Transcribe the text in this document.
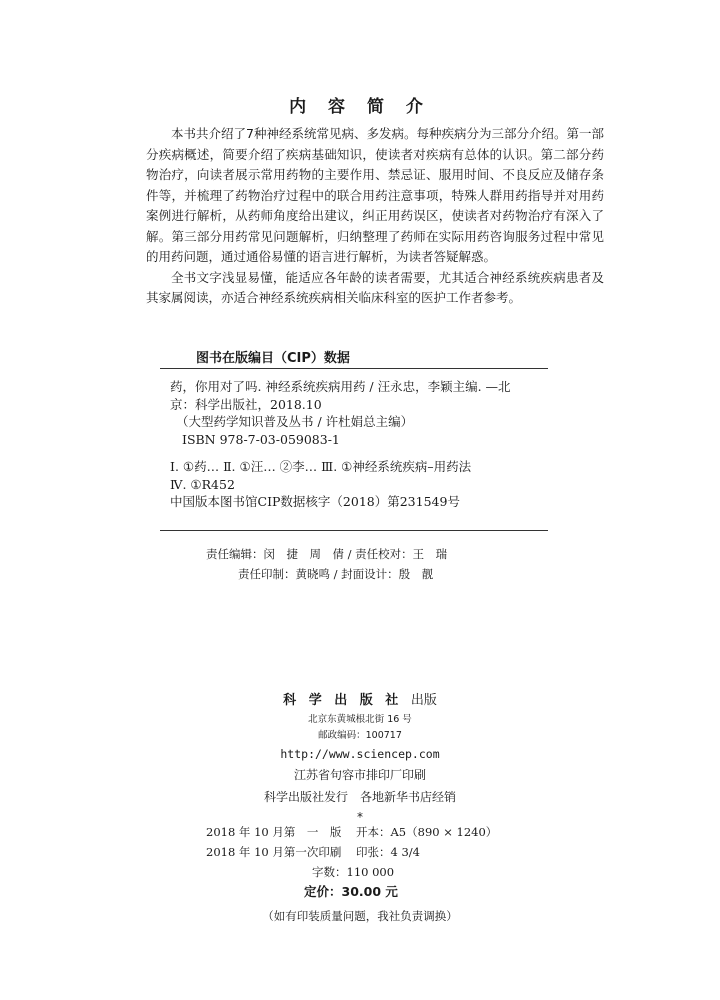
内 容 简 介

本书共介绍了7种神经系统常见病、多发病。每种疾病分为三部分介绍。第一部分疾病概述，简要介绍了疾病基础知识，使读者对疾病有总体的认识。第二部分药物治疗，向读者展示常用药物的主要作用、禁忌证、服用时间、不良反应及储存条件等，并梳理了药物治疗过程中的联合用药注意事项，特殊人群用药指导并对用药案例进行解析，从药师角度给出建议，纠正用药误区，使读者对药物治疗有深入了解。第三部分用药常见问题解析，归纳整理了药师在实际用药咨询服务过程中常见的用药问题，通过通俗易懂的语言进行解析，为读者答疑解惑。

全书文字浅显易懂，能适应各年龄的读者需要，尤其适合神经系统疾病患者及其家属阅读，亦适合神经系统疾病相关临床科室的医护工作者参考。

图书在版编目（CIP）数据
药，你用对了吗. 神经系统疾病用药 / 汪永忠，李颖主编. —北
京：科学出版社，2018.10
（大型药学知识普及丛书 / 许杜娟总主编）
ISBN 978-7-03-059083-1
Ⅰ. ①药… Ⅱ. ①汪… ②李… Ⅲ. ①神经系统疾病–用药法
Ⅳ. ①R452
中国版本图书馆CIP数据核字（2018）第231549号
责任编辑：闵　捷　周　倩 / 责任校对：王　瑞
责任印制：黄晓鸣 / 封面设计：殷　靓
科 学 出 版 社 出版
北京东黄城根北街 16 号
邮政编码：100717
http://www.sciencep.com
江苏省句容市排印厂印刷
科学出版社发行　各地新华书店经销
*
2018 年 10 月第　一　版 开本：A5（890 × 1240）
2018 年 10 月第一次印刷 印张：4 3/4
字数：110 000
定价：30.00 元
（如有印装质量问题，我社负责调换）
